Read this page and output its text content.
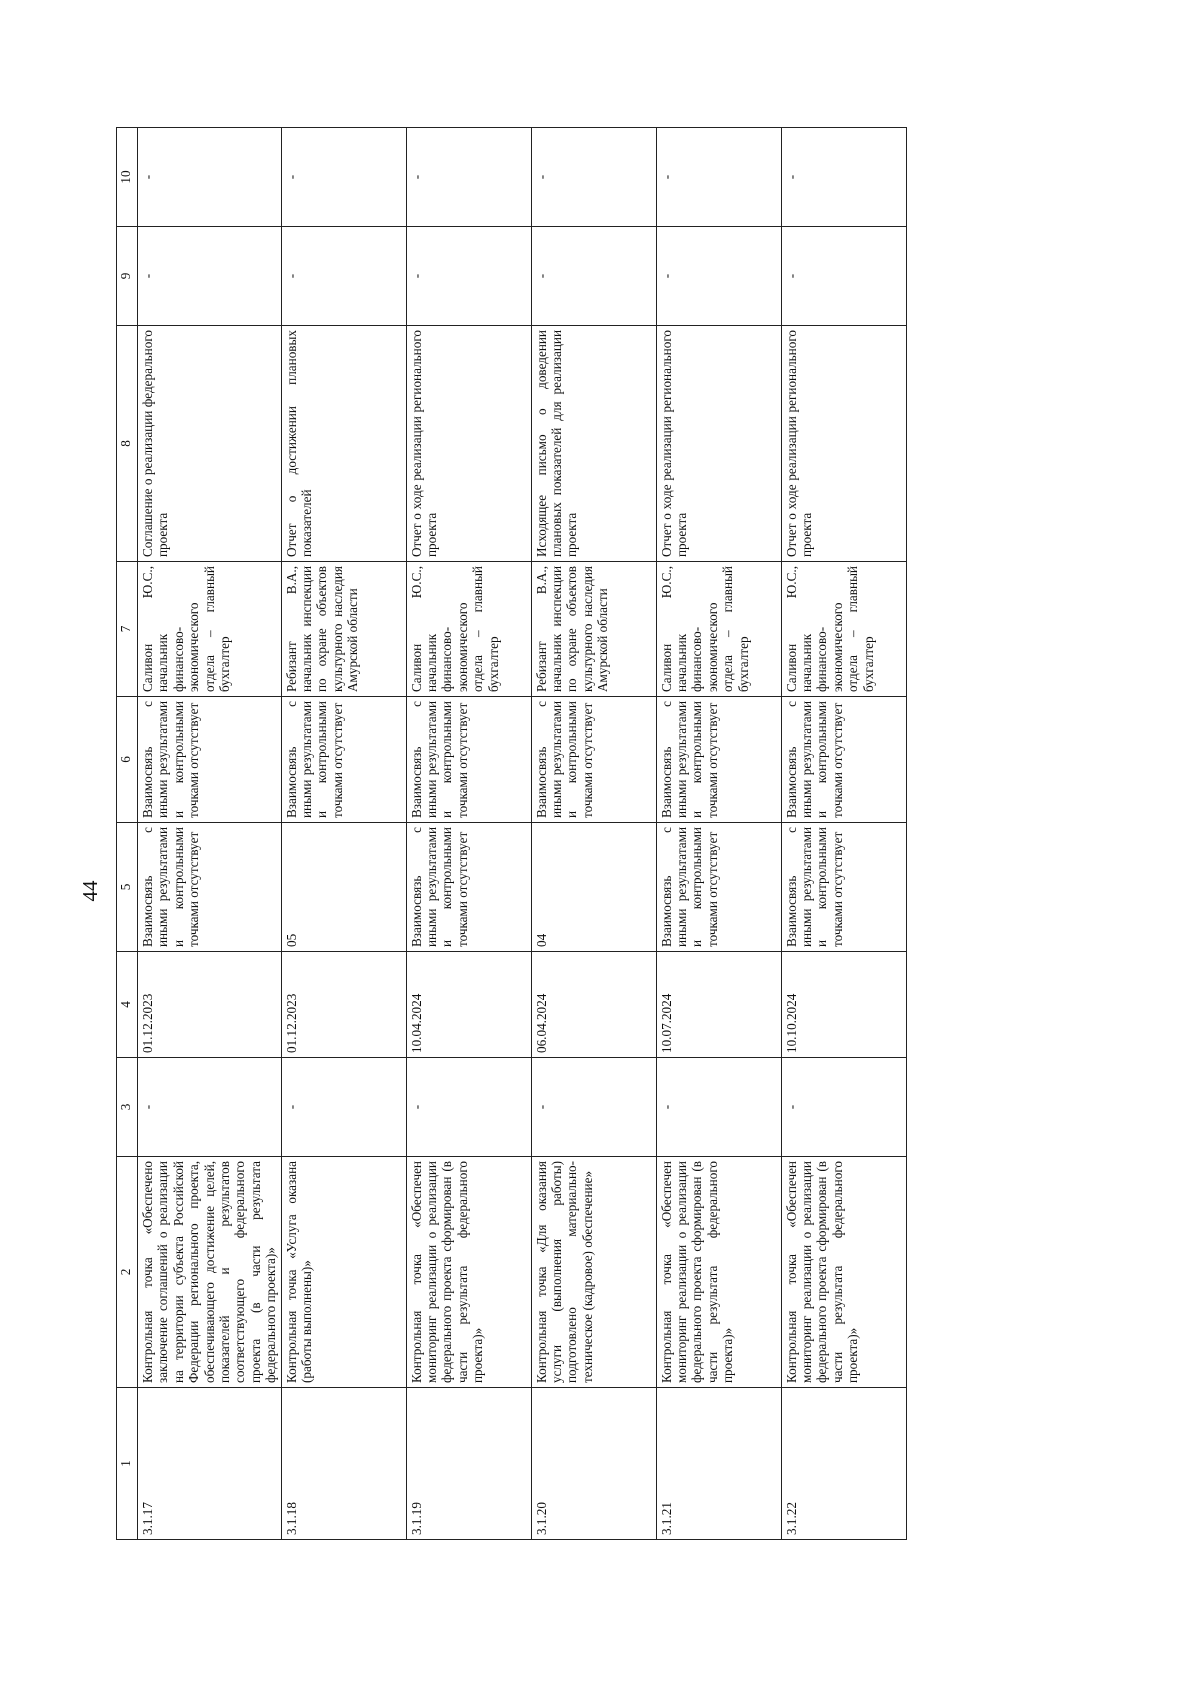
44
1	2	3	4	5	6	7	8	9	10
3.1.17	Контрольная точка «Обеспечено заключение соглашений о реализации на территории субъекта Российской Федерации регионального проекта, обеспечивающего достижение целей, показателей и результатов соответствующего федерального проекта (в части результата федерального проекта)»	-	01.12.2023	Взаимосвязь с иными результатами и контрольными точками отсутствует	Взаимосвязь с иными результатами и контрольными точками отсутствует	Саливон Ю.С., начальник финансово-экономического отдела – главный бухгалтер	Соглашение о реализации федерального проекта	-	-
3.1.18	Контрольная точка «Услуга оказана (работы выполнены)»	-	01.12.2023	05	Взаимосвязь с иными результатами и контрольными точками отсутствует	Ребизант В.А., начальник инспекции по охране объектов культурного наследия Амурской области	Отчет о достижении плановых показателей	-	-
3.1.19	Контрольная точка «Обеспечен мониторинг реализации о реализации федерального проекта сформирован (в части результата федерального проекта)»	-	10.04.2024	Взаимосвязь с иными результатами и контрольными точками отсутствует	Взаимосвязь с иными результатами и контрольными точками отсутствует	Саливон Ю.С., начальник финансово-экономического отдела – главный бухгалтер	Отчет о ходе реализации регионального проекта	-	-
3.1.20	Контрольная точка «Для оказания услуги (выполнения работы) подготовлено материально-техническое (кадровое) обеспечение»	-	06.04.2024	04	Взаимосвязь с иными результатами и контрольными точками отсутствует	Ребизант В.А., начальник инспекции по охране объектов культурного наследия Амурской области	Исходящее письмо о доведении плановых показателей для реализации проекта	-	-
3.1.21	Контрольная точка «Обеспечен мониторинг реализации о реализации федерального проекта сформирован (в части результата федерального проекта)»	-	10.07.2024	Взаимосвязь с иными результатами и контрольными точками отсутствует	Взаимосвязь с иными результатами и контрольными точками отсутствует	Саливон Ю.С., начальник финансово-экономического отдела – главный бухгалтер	Отчет о ходе реализации регионального проекта	-	-
3.1.22	Контрольная точка «Обеспечен мониторинг реализации о реализации федерального проекта сформирован (в части результата федерального проекта)»	-	10.10.2024	Взаимосвязь с иными результатами и контрольными точками отсутствует	Взаимосвязь с иными результатами и контрольными точками отсутствует	Саливон Ю.С., начальник финансово-экономического отдела – главный бухгалтер	Отчет о ходе реализации регионального проекта	-	-
